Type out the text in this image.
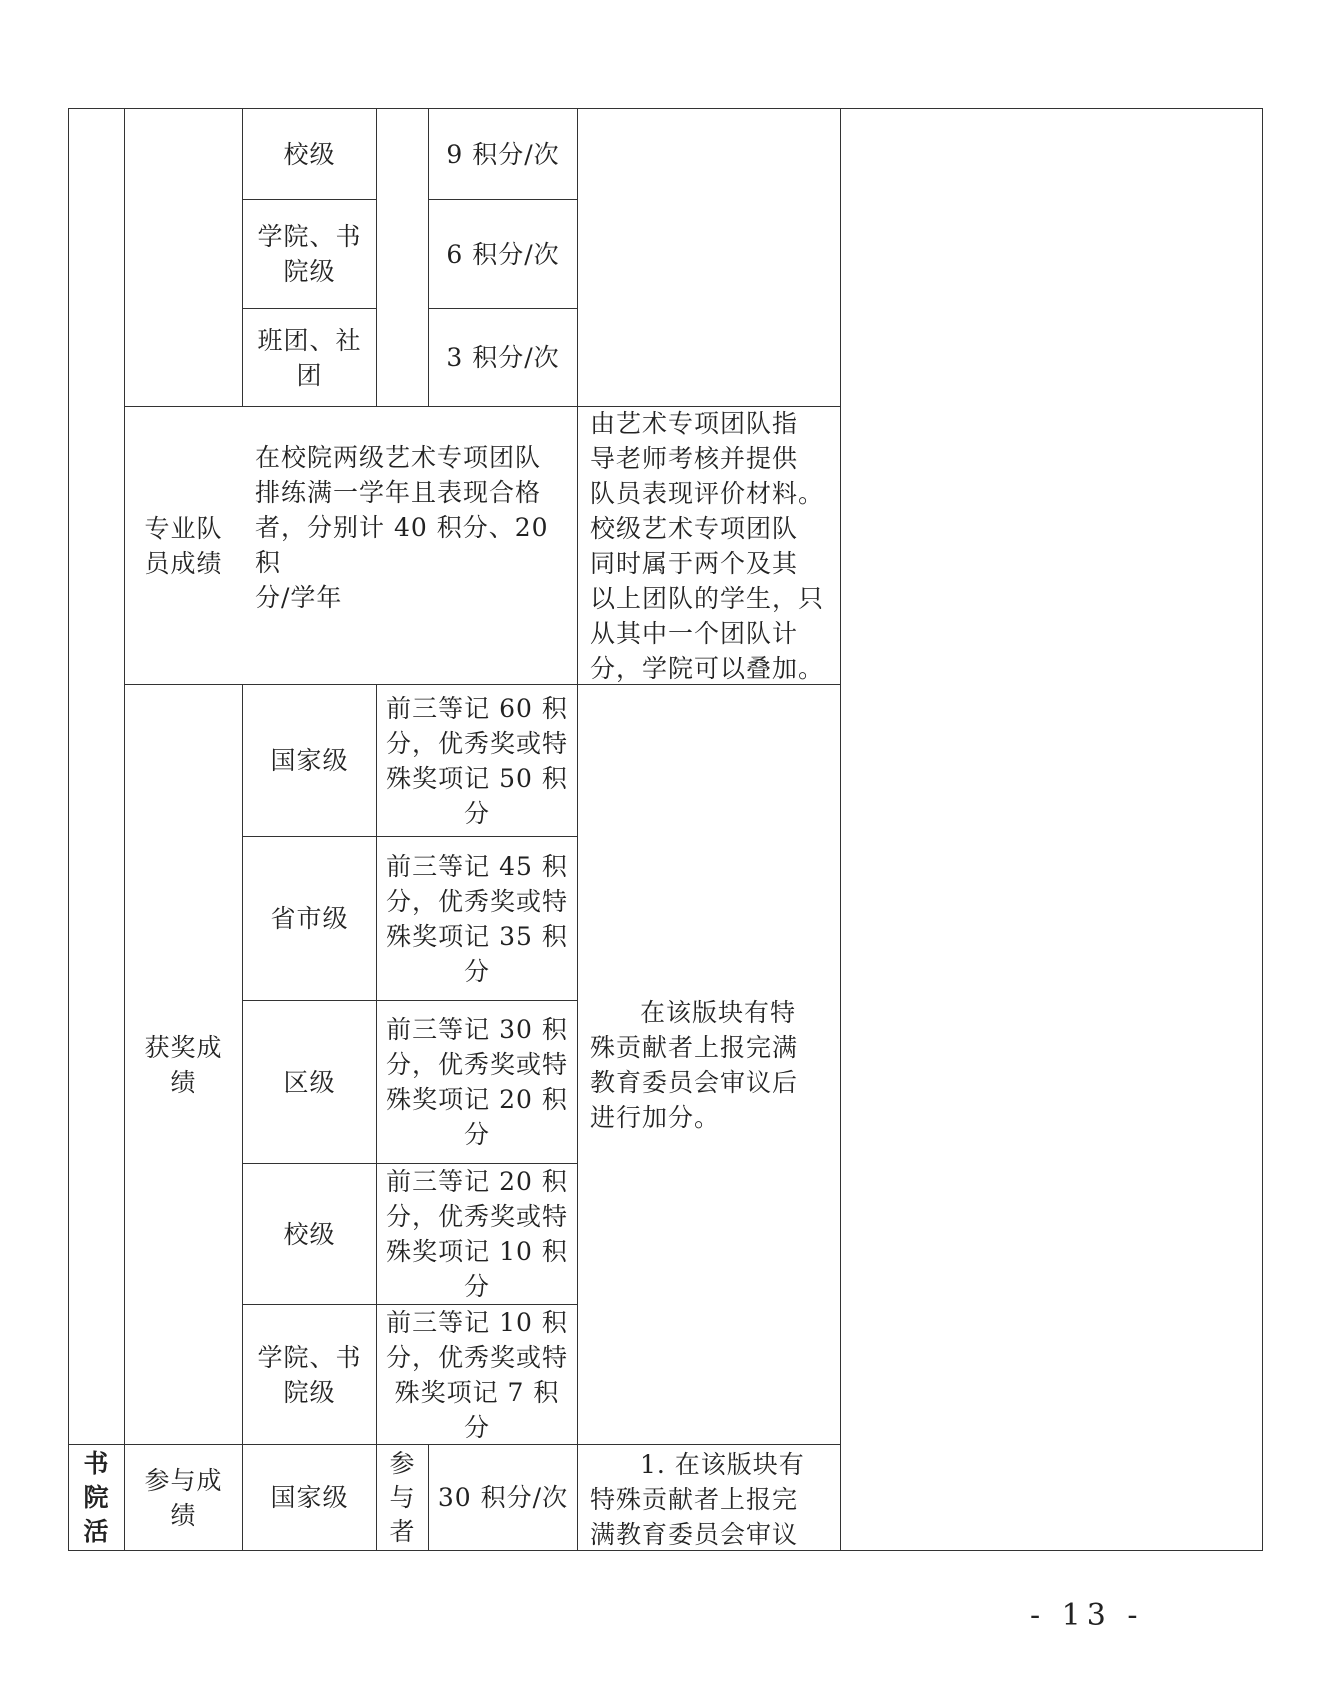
校级	9 积分/次
学院、书
院级
6 积分/次
班团、社
团
3 积分/次
专业队
员成绩
在校院两级艺术专项团队
排练满一学年且表现合格
者，分别计 40 积分、20 积
分/学年
由艺术专项团队指
导老师考核并提供
队员表现评价材料。
校级艺术专项团队
同时属于两个及其
以上团队的学生，只
从其中一个团队计
分，学院可以叠加。
获奖成
绩
在该版块有特
殊贡献者上报完满
教育委员会审议后
进行加分。
国家级
前三等记 60 积
分，优秀奖或特
殊奖项记 50 积
分
省市级
前三等记 45 积
分，优秀奖或特
殊奖项记 35 积
分
区级
前三等记 30 积
分，优秀奖或特
殊奖项记 20 积
分
校级
前三等记 20 积
分，优秀奖或特
殊奖项记 10 积
分
学院、书
院级
前三等记 10 积
分，优秀奖或特
殊奖项记 7 积
分
书
院
活
参与成
绩
国家级
参
与
者
30 积分/次
1. 在该版块有
特殊贡献者上报完
满教育委员会审议
- 13 -
